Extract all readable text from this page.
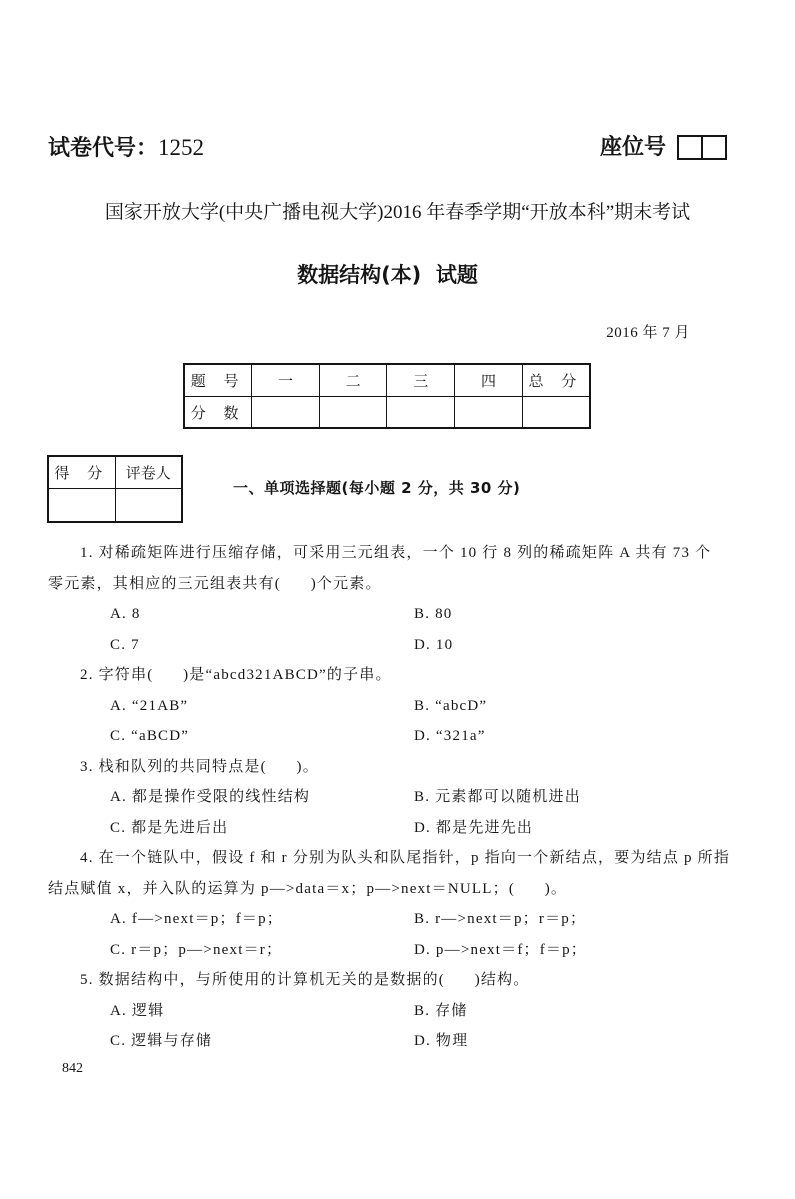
试卷代号：1252	座位号
国家开放大学(中央广播电视大学)2016 年春季学期“开放本科”期末考试
数据结构(本)  试题
2016 年 7 月
题 号	一	二	三	四	总 分
分 数					
得 分	评卷人

一、单项选择题(每小题 2 分，共 30 分)
1. 对稀疏矩阵进行压缩存储，可采用三元组表，一个 10 行 8 列的稀疏矩阵 A 共有 73 个
零元素，其相应的三元组表共有(      )个元素。

A. 8

	B. 80

C. 7

	D. 10

2. 字符串(      )是“abcd321ABCD”的子串。

A. “21AB”

	B. “abcD”

C. “aBCD”

	D. “321a”

3. 栈和队列的共同特点是(      )。

A. 都是操作受限的线性结构

	B. 元素都可以随机进出

C. 都是先进后出

	D. 都是先进先出

4. 在一个链队中，假设 f 和 r 分别为队头和队尾指针，p 指向一个新结点，要为结点 p 所指
结点赋值 x，并入队的运算为 p—>data＝x；p—>next＝NULL；(      )。

A. f—>next＝p；f＝p；

	B. r—>next＝p；r＝p；

C. r＝p；p—>next＝r；

	D. p—>next＝f；f＝p；

5. 数据结构中，与所使用的计算机无关的是数据的(      )结构。

A. 逻辑

	B. 存储

C. 逻辑与存储

	D. 物理

842
